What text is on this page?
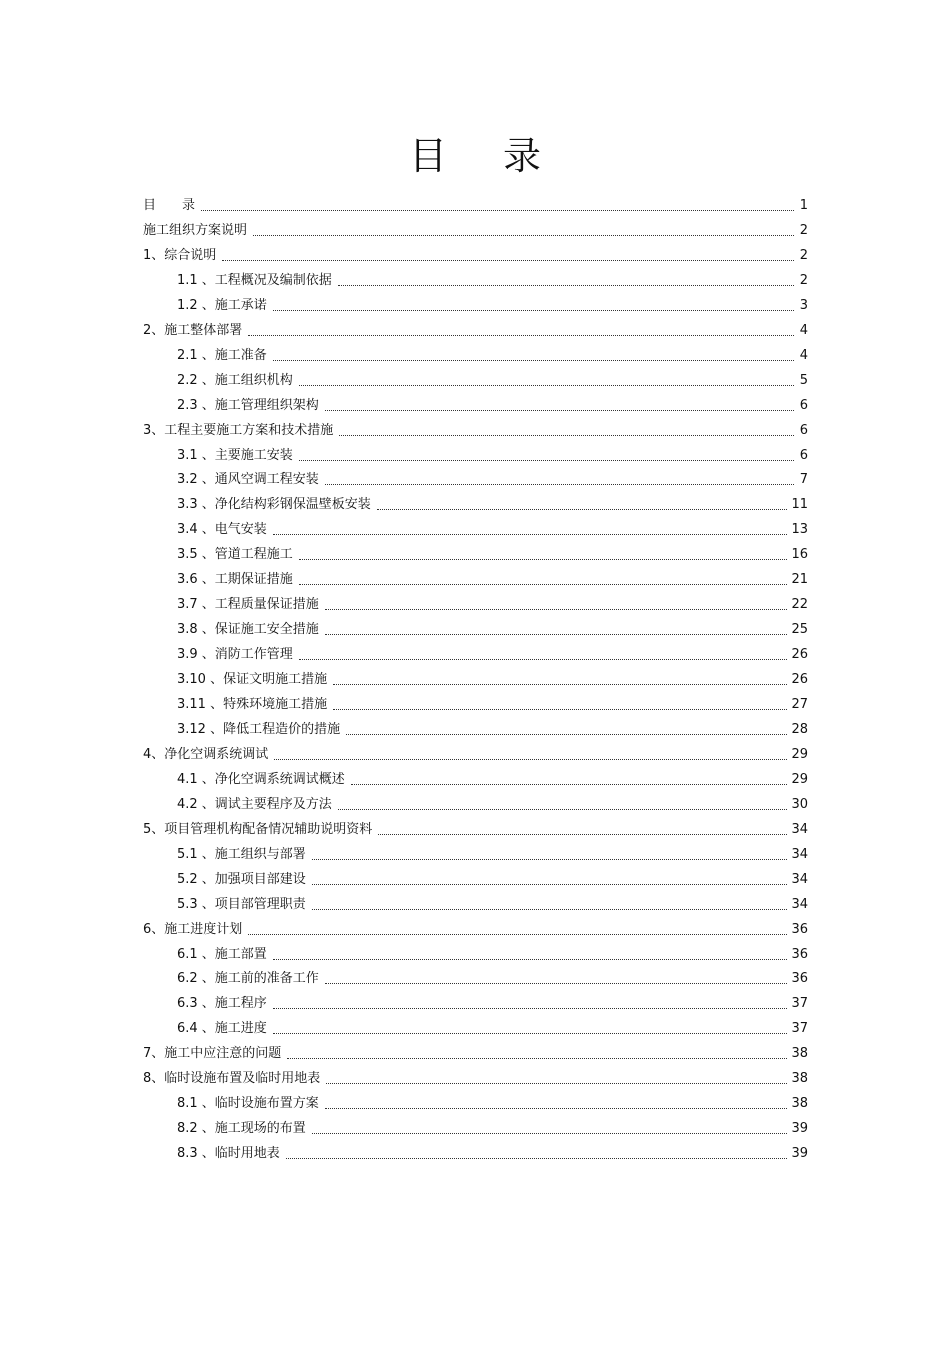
目 录
目　　录	1
施工组织方案说明	2
1、综合说明	2
1.1 、工程概况及编制依据	2
1.2 、施工承诺	3
2、施工整体部署	4
2.1 、施工准备	4
2.2 、施工组织机构	5
2.3 、施工管理组织架构	6
3、工程主要施工方案和技术措施	6
3.1 、主要施工安装	6
3.2 、通风空调工程安装	7
3.3 、净化结构彩钢保温壁板安装	11
3.4 、电气安装	13
3.5 、管道工程施工	16
3.6 、工期保证措施	21
3.7 、工程质量保证措施	22
3.8 、保证施工安全措施	25
3.9 、消防工作管理	26
3.10 、保证文明施工措施	26
3.11 、特殊环境施工措施	27
3.12 、降低工程造价的措施	28
4、净化空调系统调试	29
4.1 、净化空调系统调试概述	29
4.2 、调试主要程序及方法	30
5、项目管理机构配备情况辅助说明资料	34
5.1 、施工组织与部署	34
5.2 、加强项目部建设	34
5.3 、项目部管理职责	34
6、施工进度计划	36
6.1 、施工部置	36
6.2 、施工前的准备工作	36
6.3 、施工程序	37
6.4 、施工进度	37
7、施工中应注意的问题	38
8、临时设施布置及临时用地表	38
8.1 、临时设施布置方案	38
8.2 、施工现场的布置	39
8.3 、临时用地表	39
